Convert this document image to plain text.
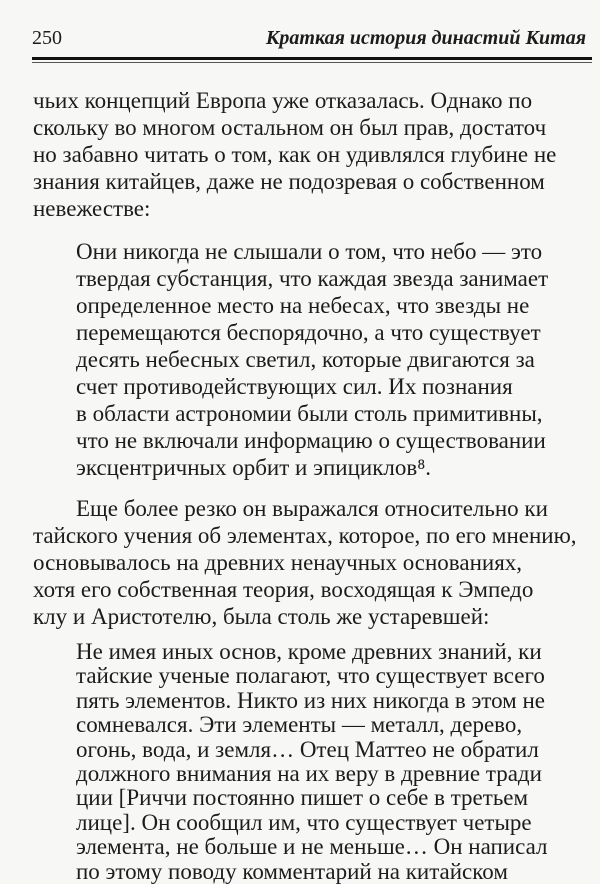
250	Краткая история династий Китая
чьих концепций Европа уже отказалась. Однако по
скольку во многом остальном он был прав, достаточ
но забавно читать о том, как он удивлялся глубине не
знания китайцев, даже не подозревая о собственном
невежестве:
Они никогда не слышали о том, что небо — это
твердая субстанция, что каждая звезда занимает
определенное место на небесах, что звезды не
перемещаются беспорядочно, а что существует
десять небесных светил, которые двигаются за
счет противодействующих сил. Их познания
в области астрономии были столь примитивны,
что не включали информацию о существовании
эксцентричных орбит и эпициклов⁸.
Еще более резко он выражался относительно ки
тайского учения об элементах, которое, по его мнению,
основывалось на древних ненаучных основаниях,
хотя его собственная теория, восходящая к Эмпедо
клу и Аристотелю, была столь же устаревшей:
Не имея иных основ, кроме древних знаний, ки
тайские ученые полагают, что существует всего
пять элементов. Никто из них никогда в этом не
сомневался. Эти элементы — металл, дерево,
огонь, вода, и земля… Отец Маттео не обратил
должного внимания на их веру в древние тради
ции [Риччи постоянно пишет о себе в третьем
лице]. Он сообщил им, что существует четыре
элемента, не больше и не меньше… Он написал
по этому поводу комментарий на китайском
